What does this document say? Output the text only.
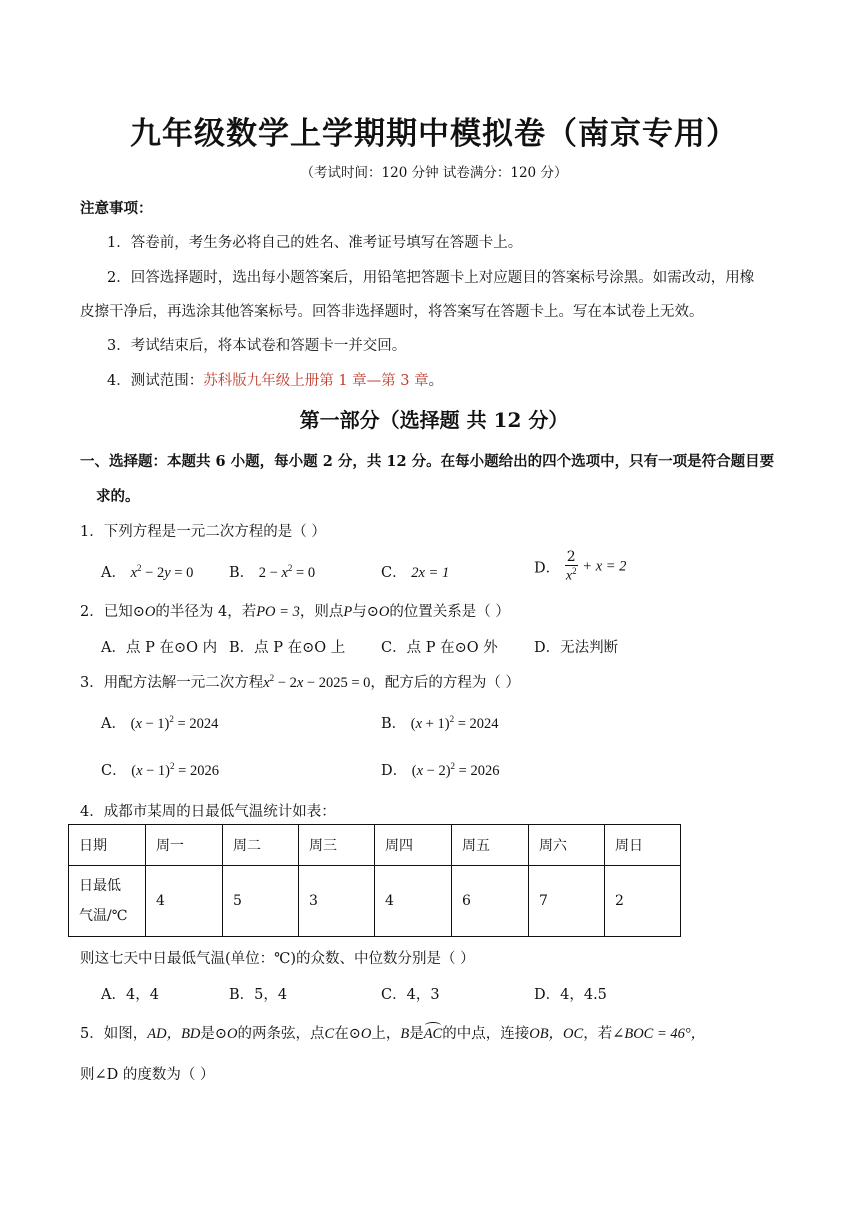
九年级数学上学期期中模拟卷（南京专用）
（考试时间：120 分钟 试卷满分：120 分）
注意事项：
1．答卷前，考生务必将自己的姓名、准考证号填写在答题卡上。
2．回答选择题时，选出每小题答案后，用铅笔把答题卡上对应题目的答案标号涂黑。如需改动，用橡
皮擦干净后，再选涂其他答案标号。回答非选择题时，将答案写在答题卡上。写在本试卷上无效。
3．考试结束后，将本试卷和答题卡一并交回。
4．测试范围：苏科版九年级上册第 1 章—第 3 章。
第一部分（选择题 共 12 分）
一、选择题：本题共 6 小题，每小题 2 分，共 12 分。在每小题给出的四个选项中，只有一项是符合题目要
求的。
1．下列方程是一元二次方程的是（ ）
A． $x^2 - 2y = 0$ B． $2 - x^2 = 0$	C． 2x = 1	D． $\frac{2}{x^2} + x = 2$
2．已知⊙O的半径为 4，若PO = 3，则点P与⊙O的位置关系是（ ）
A．点 P 在⊙O 内 B．点 P 在⊙O 上 C．点 P 在⊙O 外	D．无法判断
3．用配方法解一元二次方程$x^2 - 2x - 2025 = 0$，配方后的方程为（ ）
A． $(x - 1)^2 = 2024$	B． $(x + 1)^2 = 2024$
C． $(x - 1)^2 = 2026$	D． $(x - 2)^2 = 2026$
4．成都市某周的日最低气温统计如表：
日期	周一	周二	周三	周四	周五	周六	周日
日最低
气温/℃	4	5	3	4	6	7	2
则这七天中日最低气温(单位：℃)的众数、中位数分别是（ ）
A．4，4	B．5，4	C．4，3	D．4，4.5
5．如图，AD，BD是⊙O的两条弦，点C在⊙O上，B是
AC的中点，连接OB，OC，若∠BOC = 46°，
则∠D 的度数为（ ）
